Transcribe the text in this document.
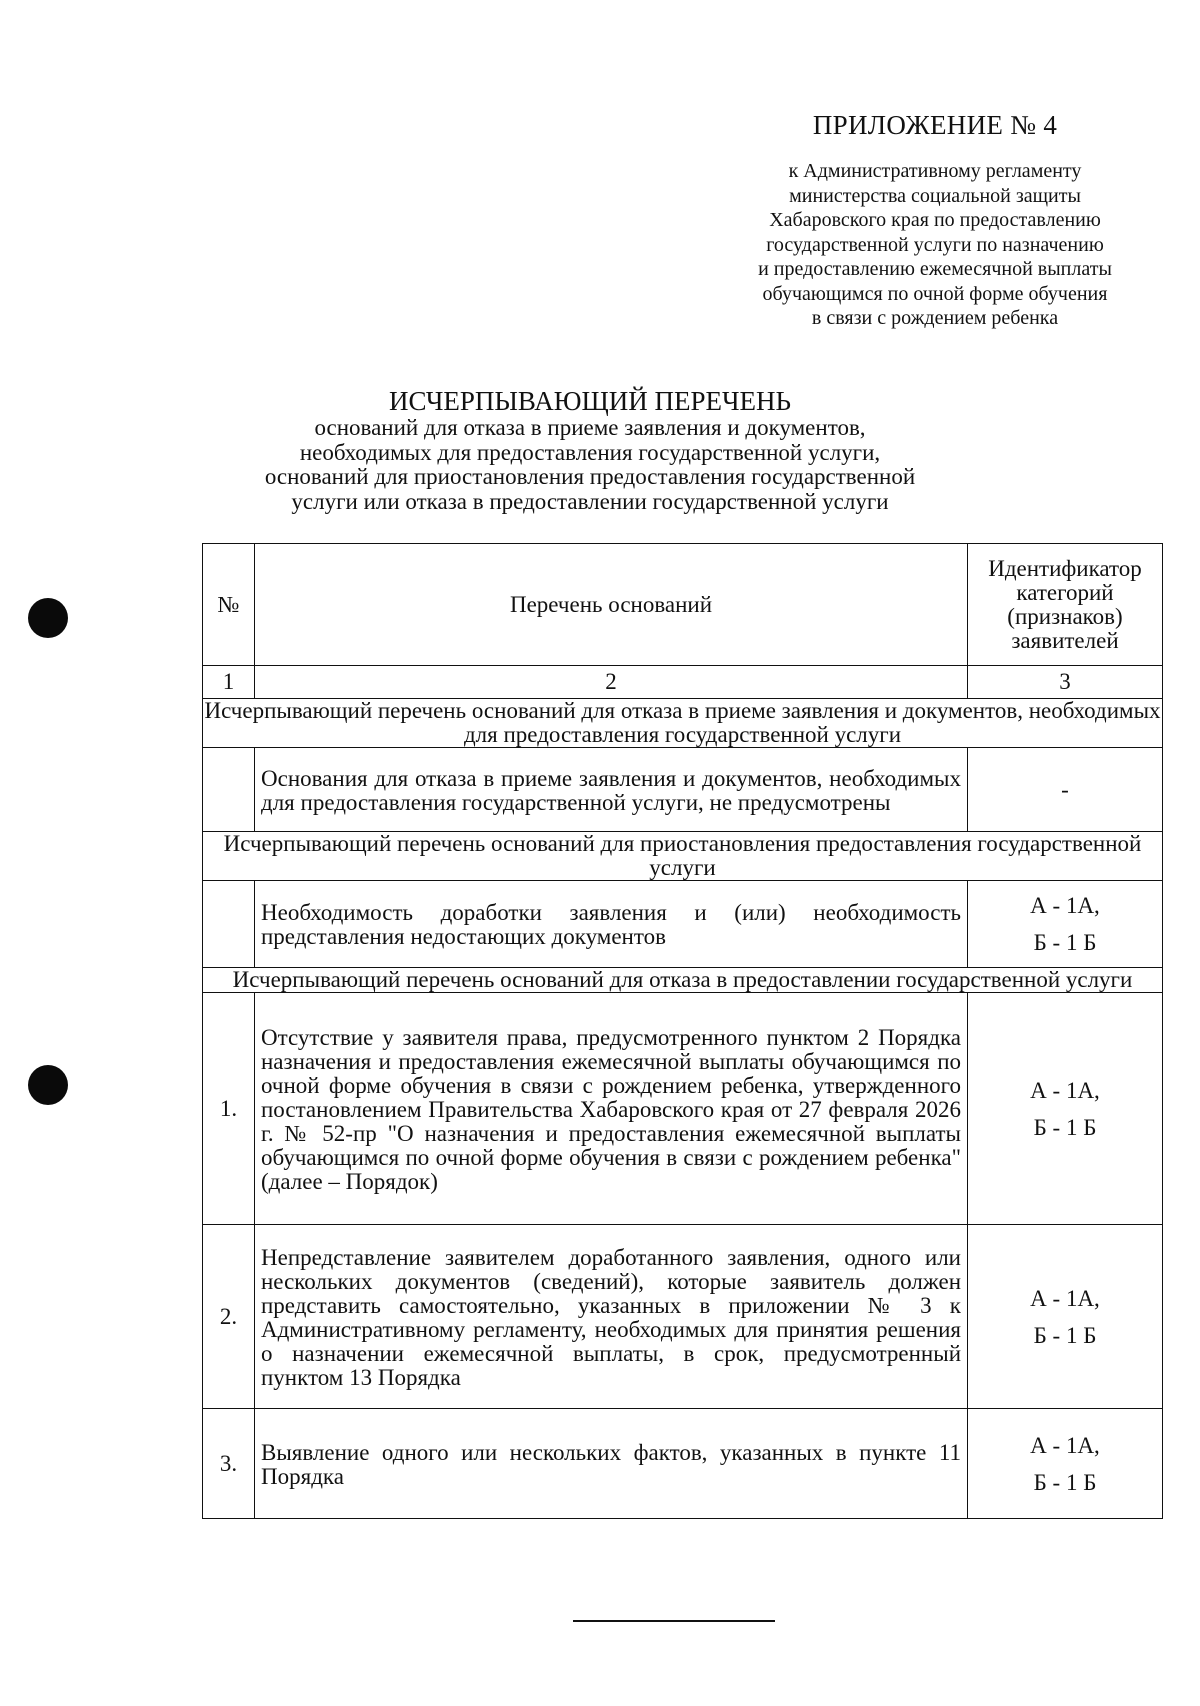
ПРИЛОЖЕНИЕ № 4
к Административному регламенту
министерства социальной защиты
Хабаровского края по предоставлению
государственной услуги по назначению
и предоставлению ежемесячной выплаты
обучающимся по очной форме обучения
в связи с рождением ребенка
ИСЧЕРПЫВАЮЩИЙ ПЕРЕЧЕНЬ
оснований для отказа в приеме заявления и документов,
необходимых для предоставления государственной услуги,
оснований для приостановления предоставления государственной
услуги или отказа в предоставлении государственной услуги
№	Перечень оснований	Идентификатор категорий (признаков) заявителей
1	2	3
Исчерпывающий перечень оснований для отказа в приеме заявления и документов, необходимых для предоставления государственной услуги		
	Основания для отказа в приеме заявления и документов, необходимых для предоставления государственной услуги, не предусмотрены	-

Исчерпывающий перечень оснований для приостановления предоставления государственной услуги		
	Необходимость доработки заявления и (или) необходимость представления недостающих документов	А - 1А,
Б - 1 Б

Исчерпывающий перечень оснований для отказа в предоставлении государственной услуги		
1.	Отсутствие у заявителя права, предусмотренного пунктом 2 Порядка назначения и предоставления ежемесячной выплаты обучающимся по очной форме обучения в связи с рождением ребенка, утвержденного постановлением Правительства Хабаровского края от 27 февраля 2026 г. № 52-пр "О назначения и предоставления ежемесячной выплаты обучающимся по очной форме обучения в связи с рождением ребенка" (далее – Порядок)	А - 1А,
Б - 1 Б

2.	Непредставление заявителем доработанного заявления, одного или нескольких документов (сведений), которые заявитель должен представить самостоятельно, указанных в приложении № 3 к Административному регламенту, необходимых для принятия решения о назначении ежемесячной выплаты, в срок, предусмотренный пунктом 13 Порядка	А - 1А,
Б - 1 Б

3.	Выявление одного или нескольких фактов, указанных в пункте 11 Порядка	А - 1А,
Б - 1 Б
